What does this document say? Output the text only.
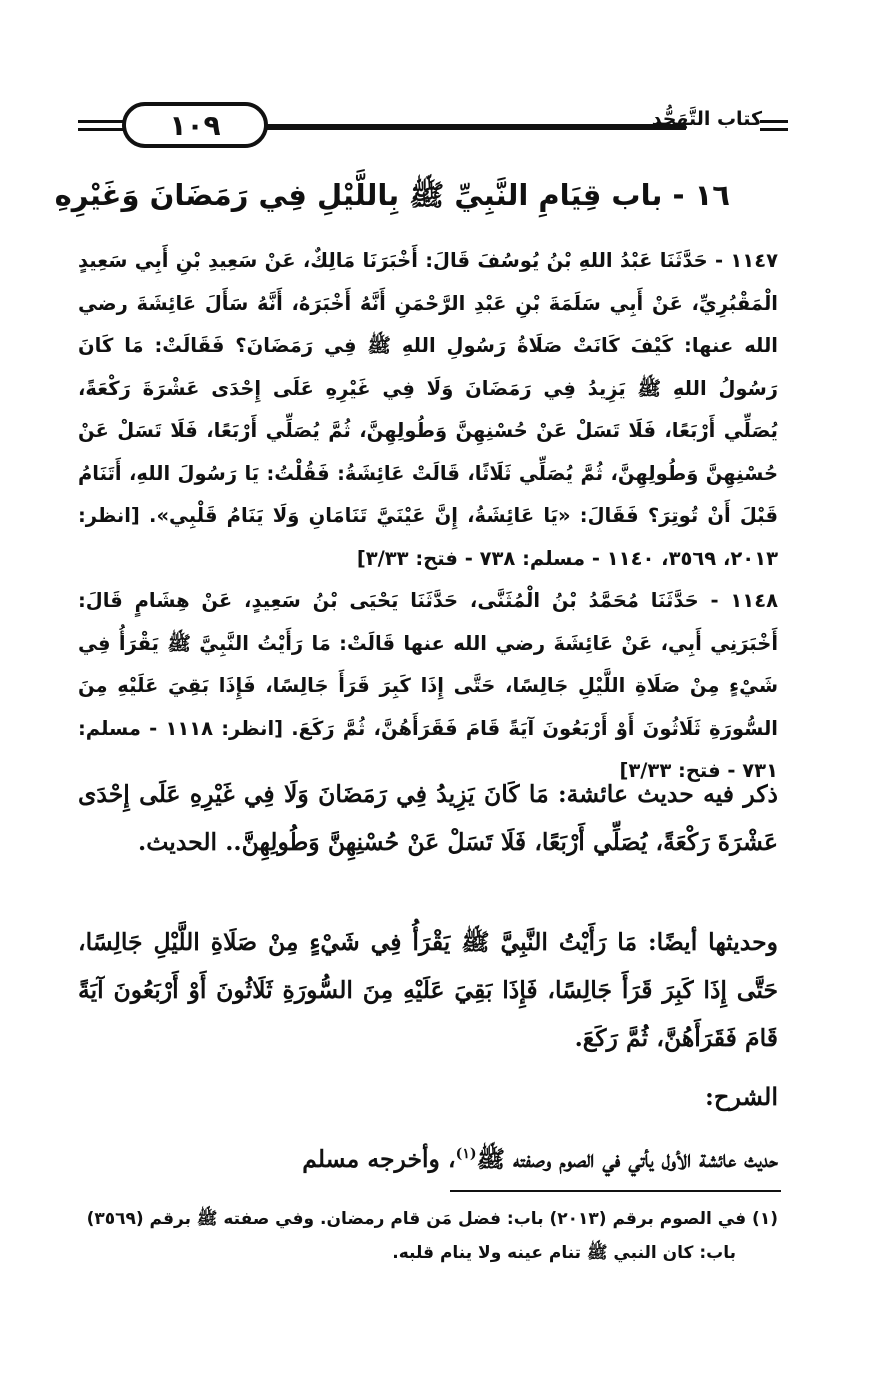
١٠٩	كتاب التَّهَجُّدِ
١٦ - باب قِيَامِ النَّبِيِّ ﷺ بِاللَّيْلِ فِي رَمَضَانَ وَغَيْرِهِ
١١٤٧ - حَدَّثَنَا عَبْدُ اللهِ بْنُ يُوسُفَ قَالَ: أَخْبَرَنَا مَالِكٌ، عَنْ سَعِيدِ بْنِ أَبِي سَعِيدٍ الْمَقْبُرِيِّ، عَنْ أَبِي سَلَمَةَ بْنِ عَبْدِ الرَّحْمَنِ أَنَّهُ أَخْبَرَهُ، أَنَّهُ سَأَلَ عَائِشَةَ رضي الله عنها: كَيْفَ كَانَتْ صَلَاةُ رَسُولِ اللهِ ﷺ فِي رَمَضَانَ؟ فَقَالَتْ: مَا كَانَ رَسُولُ اللهِ ﷺ يَزِيدُ فِي رَمَضَانَ وَلَا فِي غَيْرِهِ عَلَى إِحْدَى عَشْرَةَ رَكْعَةً، يُصَلِّي أَرْبَعًا، فَلَا تَسَلْ عَنْ حُسْنِهِنَّ وَطُولِهِنَّ، ثُمَّ يُصَلِّي أَرْبَعًا، فَلَا تَسَلْ عَنْ حُسْنِهِنَّ وَطُولِهِنَّ، ثُمَّ يُصَلِّي ثَلَاثًا، قَالَتْ عَائِشَةُ: فَقُلْتُ: يَا رَسُولَ اللهِ، أَتَنَامُ قَبْلَ أَنْ تُوتِرَ؟ فَقَالَ: «يَا عَائِشَةُ، إِنَّ عَيْنَيَّ تَنَامَانِ وَلَا يَنَامُ قَلْبِي». [انظر: ٢٠١٣، ٣٥٦٩، ١١٤٠ - مسلم: ٧٣٨ - فتح: ٣/٣٣]
١١٤٨ - حَدَّثَنَا مُحَمَّدُ بْنُ الْمُثَنَّى، حَدَّثَنَا يَحْيَى بْنُ سَعِيدٍ، عَنْ هِشَامٍ قَالَ: أَخْبَرَنِي أَبِي، عَنْ عَائِشَةَ رضي الله عنها قَالَتْ: مَا رَأَيْتُ النَّبِيَّ ﷺ يَقْرَأُ فِي شَيْءٍ مِنْ صَلَاةِ اللَّيْلِ جَالِسًا، حَتَّى إِذَا كَبِرَ قَرَأَ جَالِسًا، فَإِذَا بَقِيَ عَلَيْهِ مِنَ السُّورَةِ ثَلَاثُونَ أَوْ أَرْبَعُونَ آيَةً قَامَ فَقَرَأَهُنَّ، ثُمَّ رَكَعَ. [انظر: ١١١٨ - مسلم: ٧٣١ - فتح: ٣/٣٣]
ذكر فيه حديث عائشة: مَا كَانَ يَزِيدُ فِي رَمَضَانَ وَلَا فِي غَيْرِهِ عَلَى إِحْدَى عَشْرَةَ رَكْعَةً، يُصَلِّي أَرْبَعًا، فَلَا تَسَلْ عَنْ حُسْنِهِنَّ وَطُولِهِنَّ.. الحديث.
وحديثها أيضًا: مَا رَأَيْتُ النَّبِيَّ ﷺ يَقْرَأُ فِي شَيْءٍ مِنْ صَلَاةِ اللَّيْلِ جَالِسًا، حَتَّى إِذَا كَبِرَ قَرَأَ جَالِسًا، فَإِذَا بَقِيَ عَلَيْهِ مِنَ السُّورَةِ ثَلَاثُونَ أَوْ أَرْبَعُونَ آيَةً قَامَ فَقَرَأَهُنَّ، ثُمَّ رَكَعَ.
الشرح:
حديث عائشة الأول يأتي في الصوم وصفته ﷺ$^{(١)}$، وأخرجه مسلم
(١) في الصوم برقم (٢٠١٣) باب: فضل مَن قام رمضان. وفي صفته ﷺ برقم (٣٥٦٩)
باب: كان النبي ﷺ تنام عينه ولا ينام قلبه.
